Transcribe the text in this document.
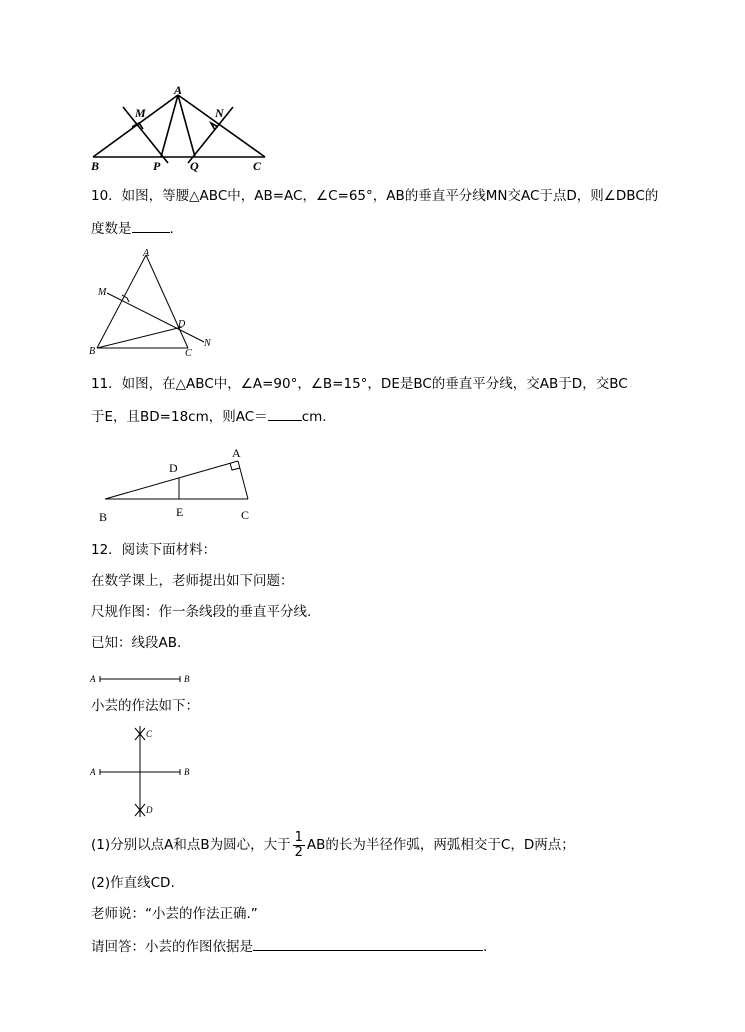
A
M	N
B	P Q	C
10．如图，等腰△ABC中，AB=AC，∠C=65°，AB的垂直平分线MN交AC于点D，则∠DBC的
度数是	.
A
M
D
N
B	C
11．如图，在△ABC中，∠A=90°，∠B=15°，DE是BC的垂直平分线，交AB于D，交BC
于E，且BD=18cm，则AC＝	cm.
D
A
B	E	C
12．阅读下面材料：
在数学课上，老师提出如下问题：
尺规作图：作一条线段的垂直平分线.
已知：线段AB.
A	B
小芸的作法如下：
C
A	B
D
(1)分别以点A和点B为圆心，大于 $\frac{1}{2}$ AB的长为半径作弧，两弧相交于C，D两点；
(2)作直线CD.
老师说：“小芸的作法正确.”
请回答：小芸的作图依据是	.
